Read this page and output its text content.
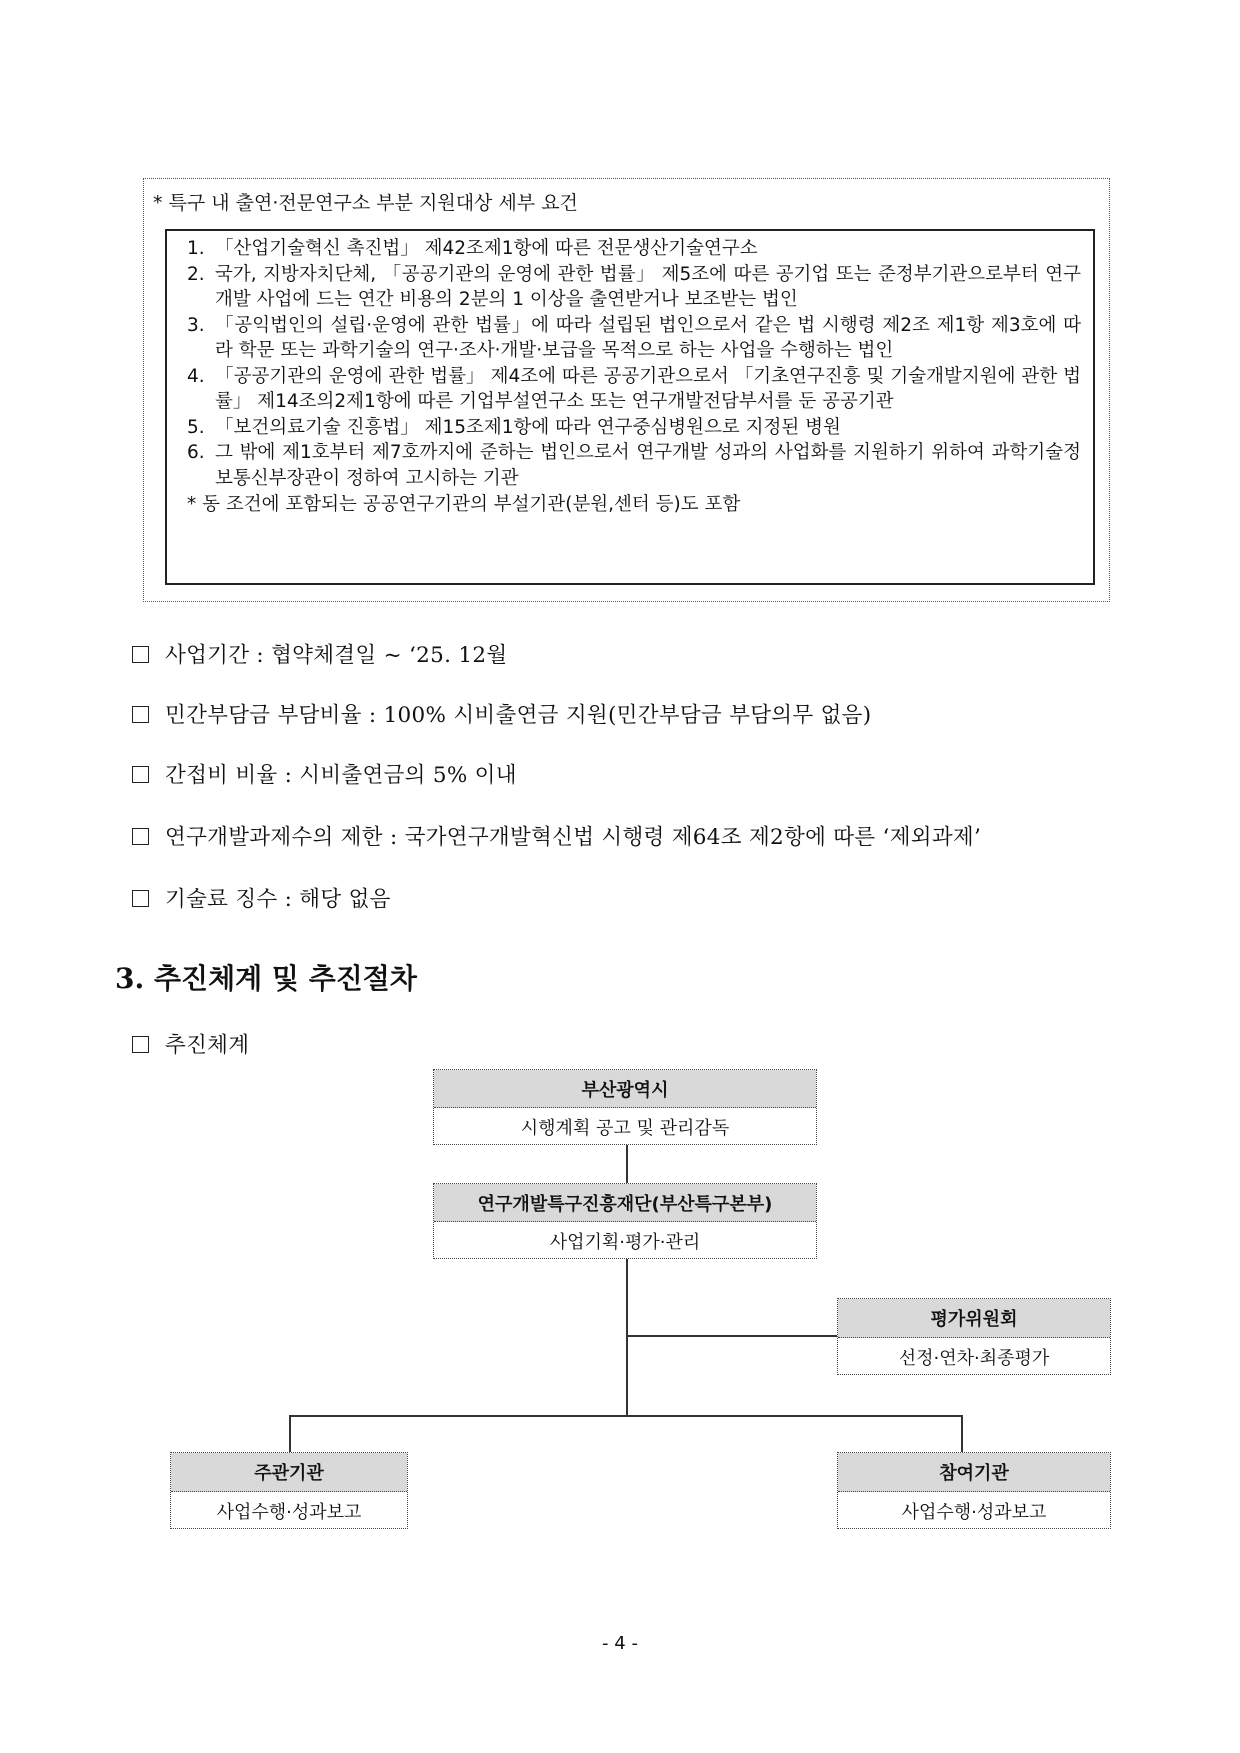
* 특구 내 출연·전문연구소 부분 지원대상 세부 요건
1. 「산업기술혁신 촉진법」 제42조제1항에 따른 전문생산기술연구소
2. 국가, 지방자치단체, 「공공기관의 운영에 관한 법률」 제5조에 따른 공기업 또는 준정부기관으로부터 연구개발 사업에 드는 연간 비용의 2분의 1 이상을 출연받거나 보조받는 법인
3. 「공익법인의 설립·운영에 관한 법률」에 따라 설립된 법인으로서 같은 법 시행령 제2조 제1항 제3호에 따라 학문 또는 과학기술의 연구·조사·개발·보급을 목적으로 하는 사업을 수행하는 법인
4. 「공공기관의 운영에 관한 법률」 제4조에 따른 공공기관으로서 「기초연구진흥 및 기술개발지원에 관한 법률」 제14조의2제1항에 따른 기업부설연구소 또는 연구개발전담부서를 둔 공공기관
5. 「보건의료기술 진흥법」 제15조제1항에 따라 연구중심병원으로 지정된 병원
6. 그 밖에 제1호부터 제7호까지에 준하는 법인으로서 연구개발 성과의 사업화를 지원하기 위하여 과학기술정보통신부장관이 정하여 고시하는 기관
* 동 조건에 포함되는 공공연구기관의 부설기관(분원,센터 등)도 포함
사업기간 : 협약체결일 ~ ‘25. 12월
민간부담금 부담비율 : 100% 시비출연금 지원(민간부담금 부담의무 없음)
간접비 비율 : 시비출연금의 5% 이내
연구개발과제수의 제한 : 국가연구개발혁신법 시행령 제64조 제2항에 따른 ‘제외과제’
기술료 징수 : 해당 없음
3. 추진체계 및 추진절차
추진체계
부산광역시
시행계획 공고 및 관리감독
연구개발특구진흥재단(부산특구본부)
사업기획·평가·관리
평가위원회
선정·연차·최종평가
주관기관
사업수행·성과보고
참여기관
사업수행·성과보고
- 4 -
